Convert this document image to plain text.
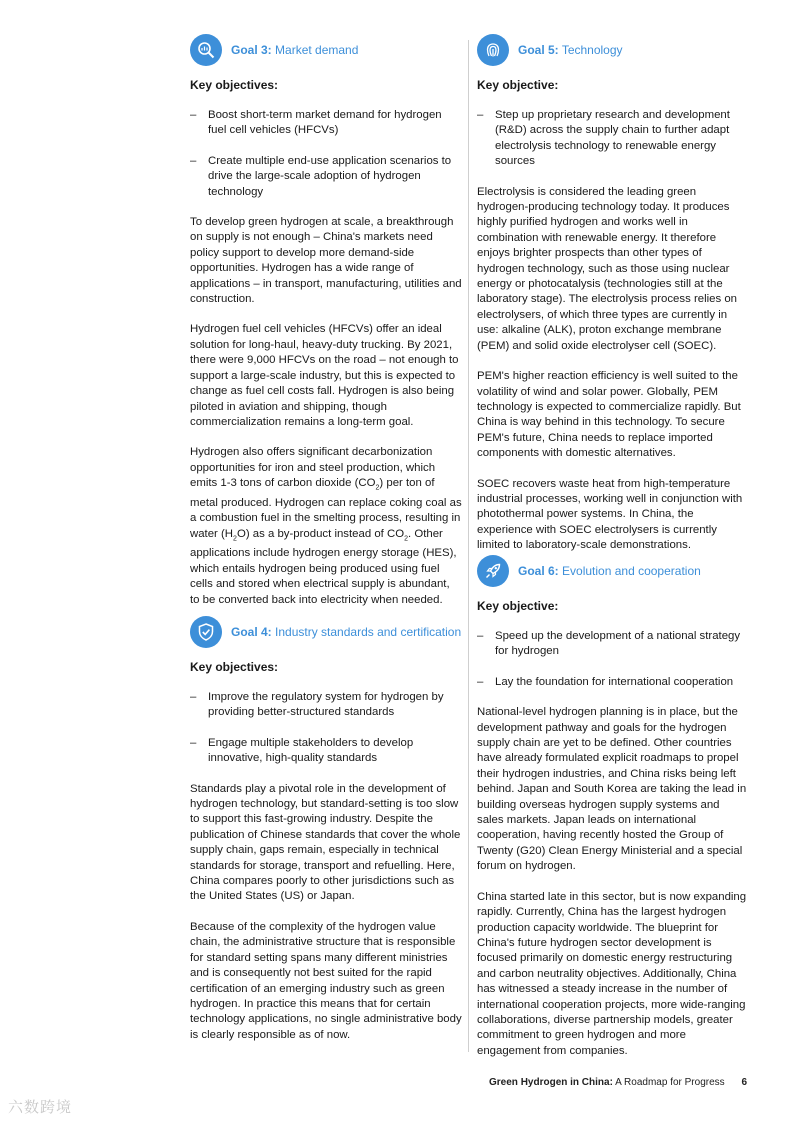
Goal 3: Market demand
Key objectives:
– Boost short-term market demand for hydrogen fuel cell vehicles (HFCVs)
– Create multiple end-use application scenarios to drive the large-scale adoption of hydrogen technology

To develop green hydrogen at scale, a breakthrough on supply is not enough – China's markets need policy support to develop more demand-side opportunities. Hydrogen has a wide range of applications – in transport, manufacturing, utilities and construction.

Hydrogen fuel cell vehicles (HFCVs) offer an ideal solution for long-haul, heavy-duty trucking. By 2021, there were 9,000 HFCVs on the road – not enough to support a large-scale industry, but this is expected to change as fuel cell costs fall. Hydrogen is also being piloted in aviation and shipping, though commercialization remains a long-term goal.

Hydrogen also offers significant decarbonization opportunities for iron and steel production, which emits 1-3 tons of carbon dioxide $(CO_2)$ per ton of metal produced. Hydrogen can replace coking coal as a combustion fuel in the smelting process, resulting in water $(H_2O)$ as a by-product instead of $CO_2$. Other applications include hydrogen energy storage (HES), which entails hydrogen being produced using fuel cells and stored when electrical supply is abundant, to be converted back into electricity when needed.

Goal 4: Industry standards and certification
Key objectives:
– Improve the regulatory system for hydrogen by providing better-structured standards
– Engage multiple stakeholders to develop innovative, high-quality standards

Standards play a pivotal role in the development of hydrogen technology, but standard-setting is too slow to support this fast-growing industry. Despite the publication of Chinese standards that cover the whole supply chain, gaps remain, especially in technical standards for storage, transport and refuelling. Here, China compares poorly to other jurisdictions such as the United States (US) or Japan.

Because of the complexity of the hydrogen value chain, the administrative structure that is responsible for standard setting spans many different ministries and is consequently not best suited for the rapid certification of an emerging industry such as green hydrogen. In practice this means that for certain technology applications, no single administrative body is clearly responsible as of now.

Goal 5: Technology
Key objective:
– Step up proprietary research and development (R&D) across the supply chain to further adapt electrolysis technology to renewable energy sources

Electrolysis is considered the leading green hydrogen-producing technology today. It produces highly purified hydrogen and works well in combination with renewable energy. It therefore enjoys brighter prospects than other types of hydrogen technology, such as those using nuclear energy or photocatalysis (technologies still at the laboratory stage). The electrolysis process relies on electrolysers, of which three types are currently in use: alkaline (ALK), proton exchange membrane (PEM) and solid oxide electrolyser cell (SOEC).

PEM's higher reaction efficiency is well suited to the volatility of wind and solar power. Globally, PEM technology is expected to commercialize rapidly. But China is way behind in this technology. To secure PEM's future, China needs to replace imported components with domestic alternatives.

SOEC recovers waste heat from high-temperature industrial processes, working well in conjunction with photothermal power systems. In China, the experience with SOEC electrolysers is currently limited to laboratory-scale demonstrations.

Goal 6: Evolution and cooperation
Key objective:
– Speed up the development of a national strategy for hydrogen
– Lay the foundation for international cooperation

National-level hydrogen planning is in place, but the development pathway and goals for the hydrogen supply chain are yet to be defined. Other countries have already formulated explicit roadmaps to propel their hydrogen industries, and China risks being left behind. Japan and South Korea are taking the lead in building overseas hydrogen supply systems and sales markets. Japan leads on international cooperation, having recently hosted the Group of Twenty (G20) Clean Energy Ministerial and a special forum on hydrogen.

China started late in this sector, but is now expanding rapidly. Currently, China has the largest hydrogen production capacity worldwide. The blueprint for China's future hydrogen sector development is focused primarily on domestic energy restructuring and carbon neutrality objectives. Additionally, China has witnessed a steady increase in the number of international cooperation projects, more wide-ranging collaborations, diverse partnership models, greater commitment to green hydrogen and more engagement from companies.

Green Hydrogen in China: A Roadmap for Progress 6
六数跨境
